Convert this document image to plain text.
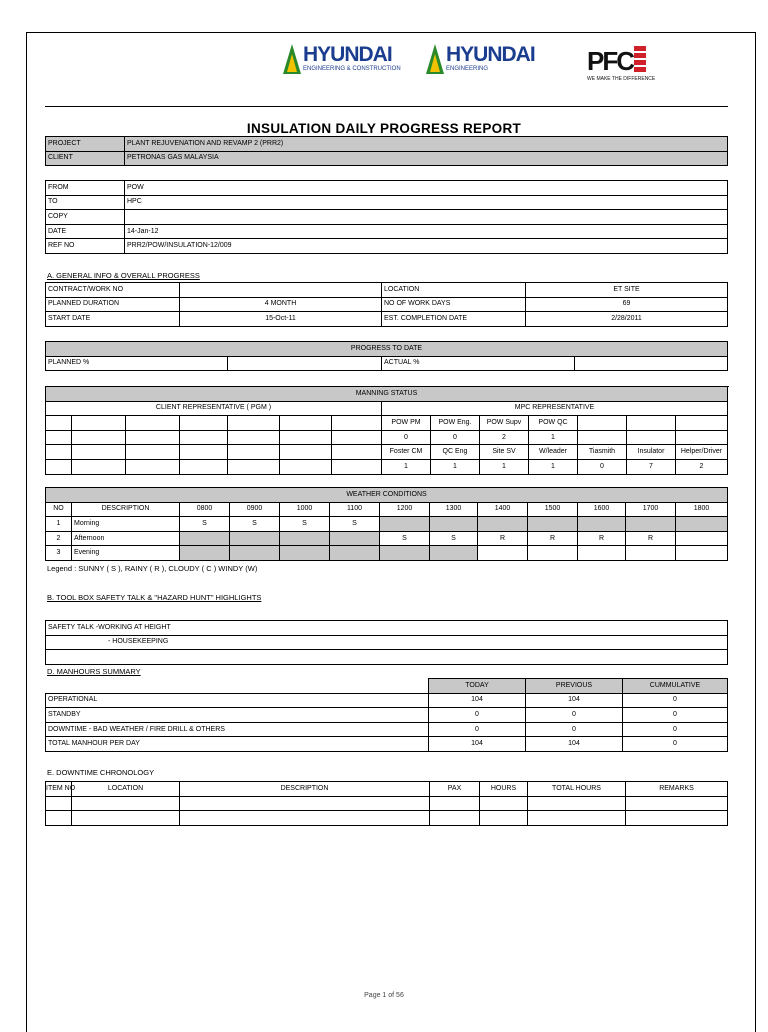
HYUNDAI
ENGINEERING & CONSTRUCTION
HYUNDAI
ENGINEERING	PFC
WE MAKE THE DIFFERENCE
INSULATION DAILY PROGRESS REPORT
PROJECT	PLANT REJUVENATION AND REVAMP 2 (PRR2)
CLIENT	PETRONAS GAS MALAYSIA
FROM	POW
TO	HPC
COPY	
DATE	14-Jan-12
REF NO	PRR2/POW/INSULATION-12/009
A. GENERAL INFO & OVERALL PROGRESS
CONTRACT/WORK NO		LOCATION	ET SITE
PLANNED DURATION	4 MONTH	NO OF WORK DAYS	69
START DATE	15-Oct-11	EST. COMPLETION DATE	2/28/2011
PROGRESS TO DATE
PLANNED %		ACTUAL %	
MANNING STATUS														
CLIENT REPRESENTATIVE ( PGM )							MPC REPRESENTATIVE	
							POW PM	POW Eng.	POW Supv	POW QC				
							0	0	2	1				
							Foster CM	QC Eng	Site SV	W/leader	Tiasmith	Insulator	Helper/Driver	
							1	1	1	1	0	7	2	
WEATHER CONDITIONS												
NO	DESCRIPTION	0800	0900	1000	1100	1200	1300	1400	1500	1600	1700	1800
1	Morning	S	S	S	S							
2	Afternoon					S	S	R	R	R	R	
3	Evening											
Legend : SUNNY ( S ), RAINY ( R ), CLOUDY ( C ) WINDY (W)
B. TOOL BOX SAFETY TALK & "HAZARD HUNT" HIGHLIGHTS
SAFETY TALK -WORKING AT HEIGHT
- HOUSEKEEPING

D. MANHOURS SUMMARY
	TODAY	PREVIOUS	CUMMULATIVE
OPERATIONAL	104	104	0
STANDBY	0	0	0
DOWNTIME - BAD WEATHER / FIRE DRILL & OTHERS	0	0	0
TOTAL MANHOUR PER DAY	104	104	0
E. DOWNTIME CHRONOLOGY
ITEM NO	LOCATION	DESCRIPTION	PAX	HOURS	TOTAL HOURS	REMARKS

Page 1 of 56
